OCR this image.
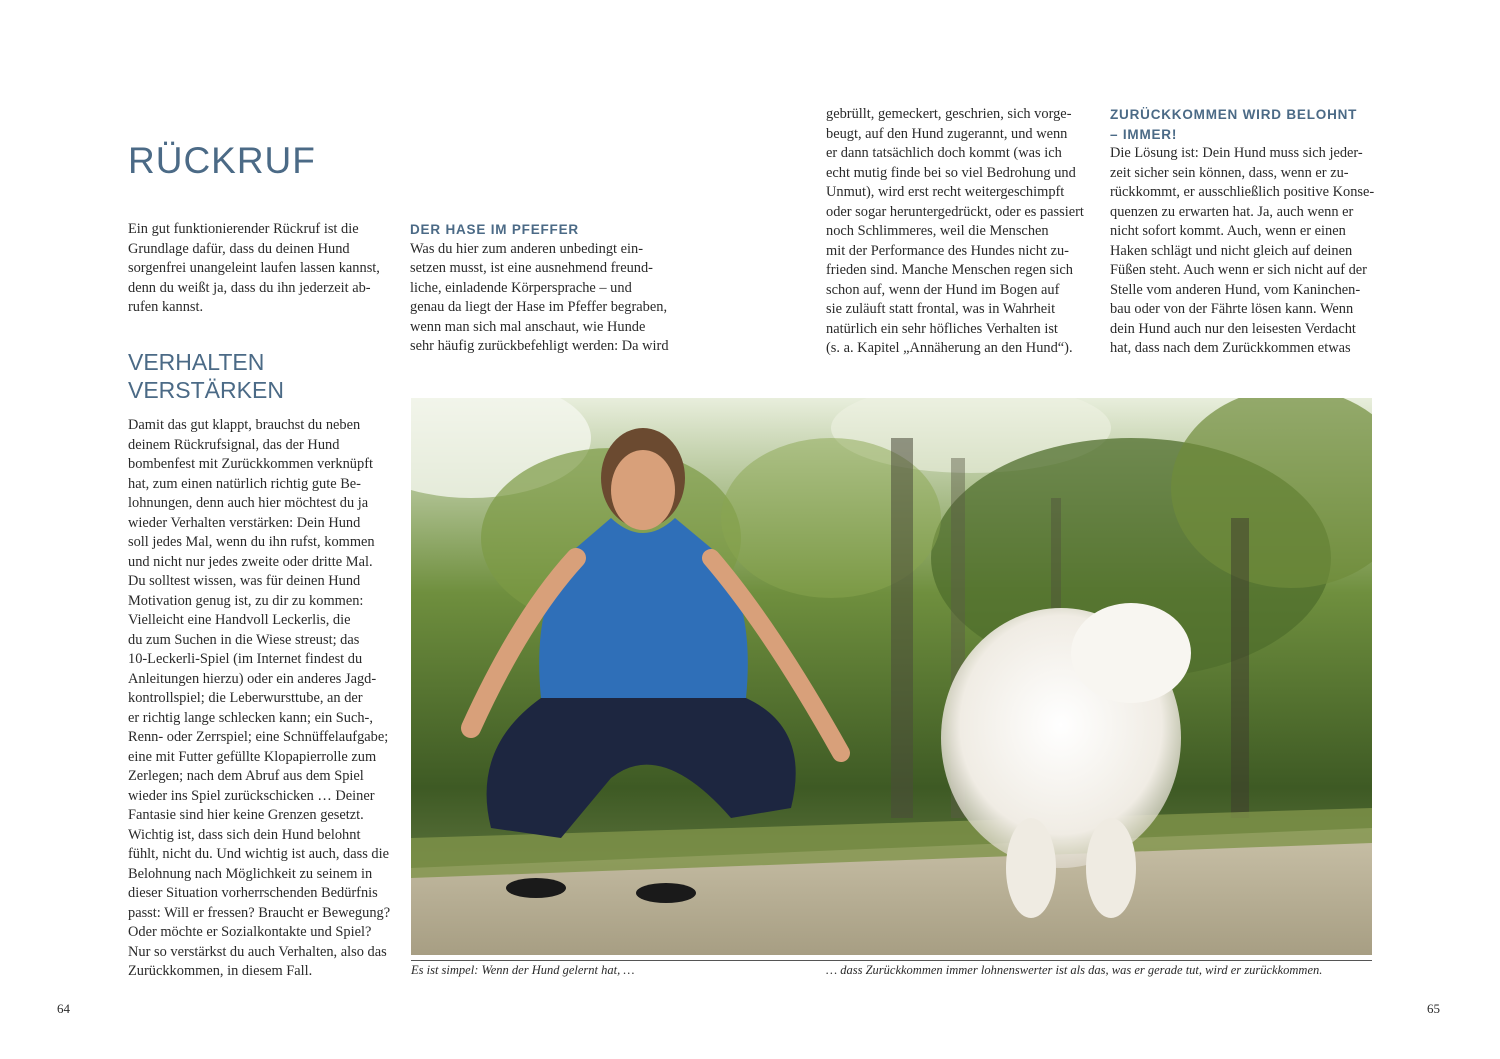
RÜCKRUF
Ein gut funktionierender Rückruf ist die
Grundlage dafür, dass du deinen Hund
sorgenfrei unangeleint laufen lassen kannst,
denn du weißt ja, dass du ihn jederzeit ab-
rufen kannst.
VERHALTEN VERSTÄRKEN
Damit das gut klappt, brauchst du neben
deinem Rückrufsignal, das der Hund
bombenfest mit Zurückkommen verknüpft
hat, zum einen natürlich richtig gute Be-
lohnungen, denn auch hier möchtest du ja
wieder Verhalten verstärken: Dein Hund
soll jedes Mal, wenn du ihn rufst, kommen
und nicht nur jedes zweite oder dritte Mal.
Du solltest wissen, was für deinen Hund
Motivation genug ist, zu dir zu kommen:
Vielleicht eine Handvoll Leckerlis, die
du zum Suchen in die Wiese streust; das
10-Leckerli-Spiel (im Internet findest du
Anleitungen hierzu) oder ein anderes Jagd-
kontrollspiel; die Leberwursttube, an der
er richtig lange schlecken kann; ein Such-,
Renn- oder Zerrspiel; eine Schnüffelaufgabe;
eine mit Futter gefüllte Klopapierrolle zum
Zerlegen; nach dem Abruf aus dem Spiel
wieder ins Spiel zurückschicken … Deiner
Fantasie sind hier keine Grenzen gesetzt.
Wichtig ist, dass sich dein Hund belohnt
fühlt, nicht du. Und wichtig ist auch, dass die
Belohnung nach Möglichkeit zu seinem in
dieser Situation vorherrschenden Bedürfnis
passt: Will er fressen? Braucht er Bewegung?
Oder möchte er Sozialkontakte und Spiel?
Nur so verstärkst du auch Verhalten, also das
Zurückkommen, in diesem Fall.
DER HASE IM PFEFFER
Was du hier zum anderen unbedingt ein-
setzen musst, ist eine ausnehmend freund-
liche, einladende Körpersprache – und
genau da liegt der Hase im Pfeffer begraben,
wenn man sich mal anschaut, wie Hunde
sehr häufig zurückbefehligt werden: Da wird
gebrüllt, gemeckert, geschrien, sich vorge-
beugt, auf den Hund zugerannt, und wenn
er dann tatsächlich doch kommt (was ich
echt mutig finde bei so viel Bedrohung und
Unmut), wird erst recht weitergeschimpft
oder sogar heruntergedrückt, oder es passiert
noch Schlimmeres, weil die Menschen
mit der Performance des Hundes nicht zu-
frieden sind. Manche Menschen regen sich
schon auf, wenn der Hund im Bogen auf
sie zuläuft statt frontal, was in Wahrheit
natürlich ein sehr höfliches Verhalten ist
(s. a. Kapitel „Annäherung an den Hund“).
ZURÜCKKOMMEN WIRD BELOHNT
– IMMER!
Die Lösung ist: Dein Hund muss sich jeder-
zeit sicher sein können, dass, wenn er zu-
rückkommt, er ausschließlich positive Konse-
quenzen zu erwarten hat. Ja, auch wenn er
nicht sofort kommt. Auch, wenn er einen
Haken schlägt und nicht gleich auf deinen
Füßen steht. Auch wenn er sich nicht auf der
Stelle vom anderen Hund, vom Kaninchen-
bau oder von der Fährte lösen kann. Wenn
dein Hund auch nur den leisesten Verdacht
hat, dass nach dem Zurückkommen etwas
Es ist simpel: Wenn der Hund gelernt hat, …	… dass Zurückkommen immer lohnenswerter ist als das, was er gerade tut, wird er zurückkommen.
64	65
